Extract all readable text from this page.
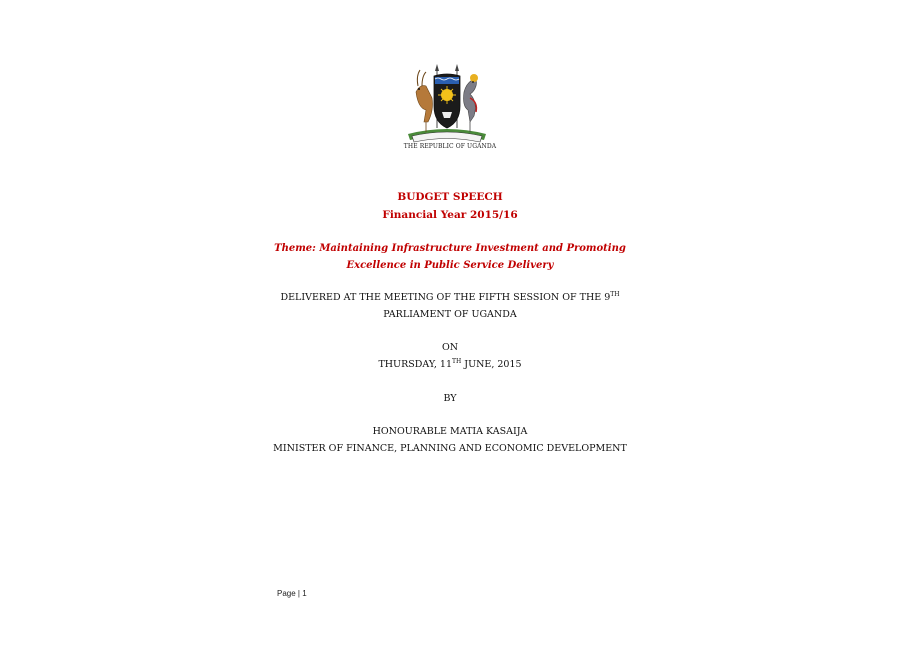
THE REPUBLIC OF UGANDA
BUDGET SPEECH
Financial Year 2015/16
Theme: Maintaining Infrastructure Investment and Promoting
Excellence in Public Service Delivery
DELIVERED AT THE MEETING OF THE FIFTH SESSION OF THE 9TH
PARLIAMENT OF UGANDA
ON
THURSDAY, 11TH JUNE, 2015
BY
HONOURABLE MATIA KASAIJA
MINISTER OF FINANCE, PLANNING AND ECONOMIC DEVELOPMENT
Page | 1
